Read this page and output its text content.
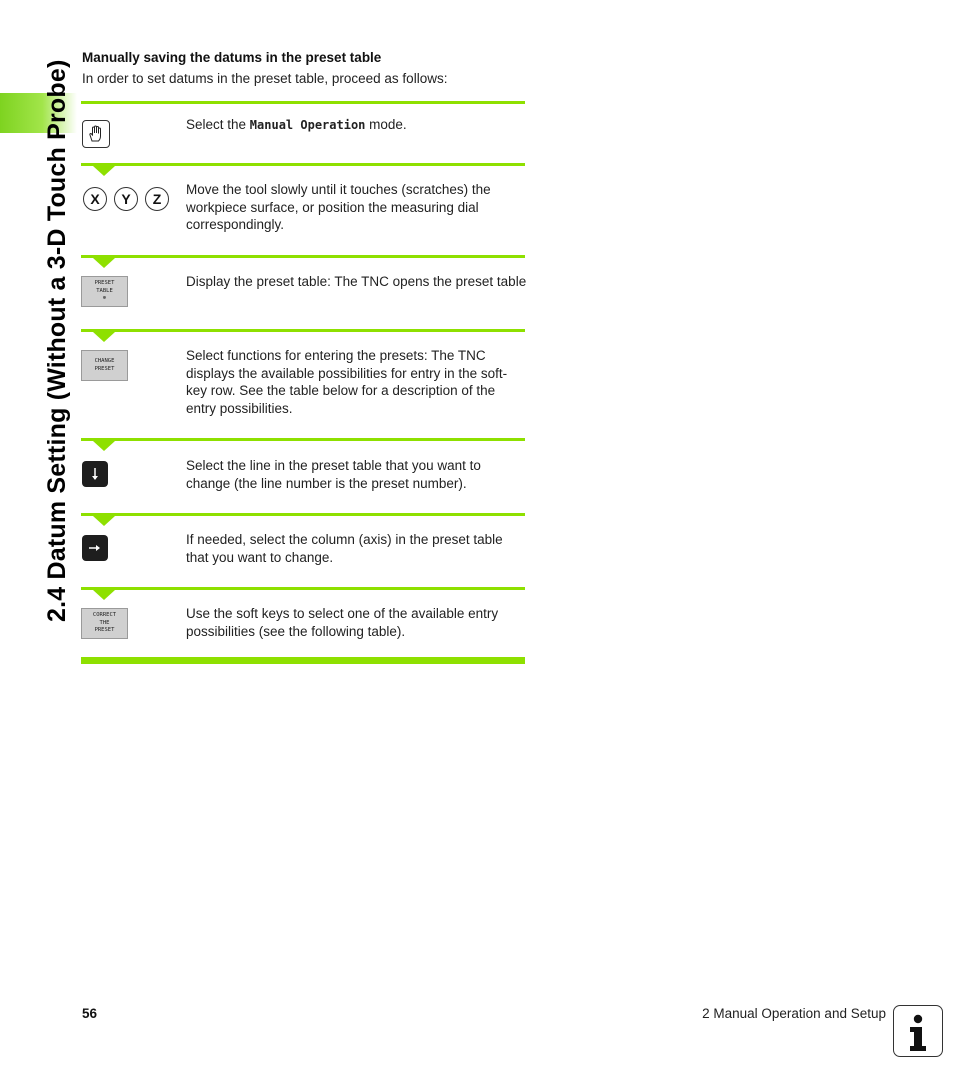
2.4 Datum Setting (Without a 3-D Touch Probe)
Manually saving the datums in the preset table
In order to set datums in the preset table, proceed as follows:
Select the Manual Operation mode.
X	Y	Z
Move the tool slowly until it touches (scratches) the workpiece surface, or position the measuring dial correspondingly.
PRESET
TABLE
⊕
Display the preset table: The TNC opens the preset table
CHANGE
PRESET
Select functions for entering the presets: The TNC displays the available possibilities for entry in the soft-key row. See the table below for a description of the entry possibilities.
Select the line in the preset table that you want to change (the line number is the preset number).
If needed, select the column (axis) in the preset table that you want to change.
CORRECT
THE
PRESET
Use the soft keys to select one of the available entry possibilities (see the following table).
56	2 Manual Operation and Setup
